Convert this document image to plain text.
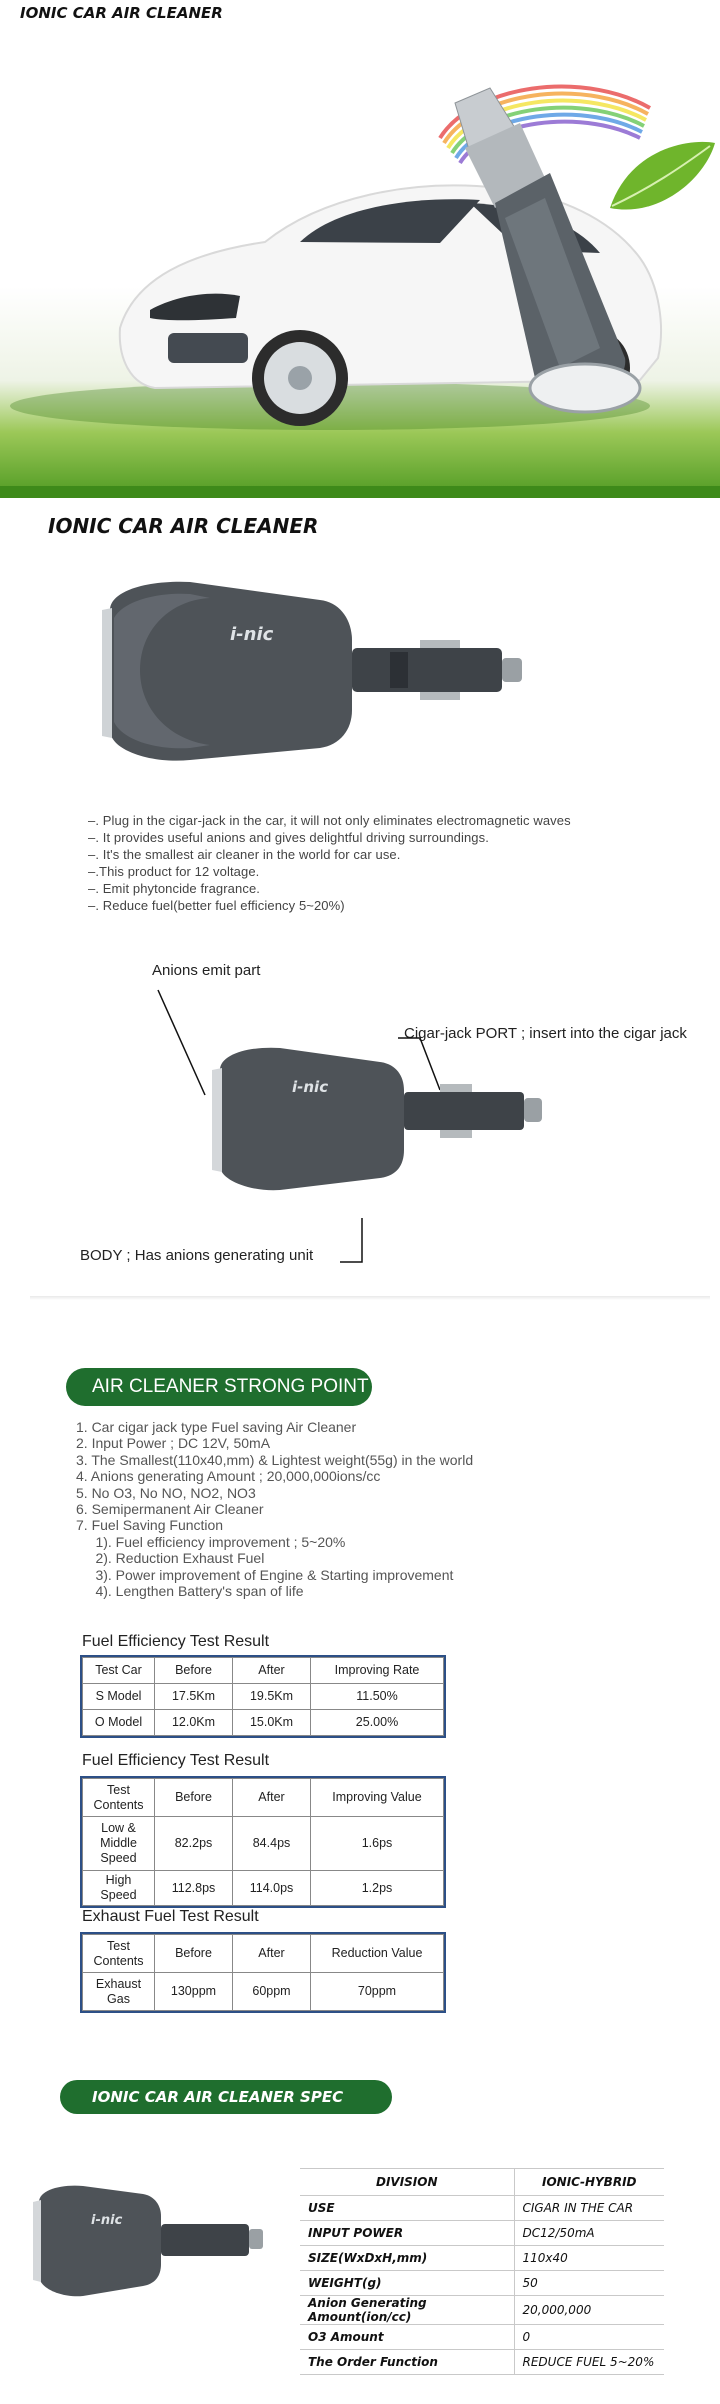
IONIC CAR AIR CLEANER
IONIC CAR AIR CLEANER
i-nic
–. Plug in the cigar-jack in the car, it will not only eliminates electromagnetic waves
–. It provides useful anions and gives delightful driving surroundings.
–. It's the smallest air cleaner in the world for car use.
–.This product for 12 voltage.
–. Emit phytoncide fragrance.
–. Reduce fuel(better fuel efficiency 5~20%)
Anions emit part
Cigar-jack PORT ; insert into the cigar jack
BODY ; Has anions generating unit
i-nic
AIR CLEANER STRONG POINT
1. Car cigar jack type Fuel saving Air Cleaner
2. Input Power ; DC 12V, 50mA
3. The Smallest(110x40,mm) & Lightest weight(55g) in the world
4. Anions generating Amount ; 20,000,000ions/cc
5. No O3, No NO, NO2, NO3
6. Semipermanent Air Cleaner
7. Fuel Saving Function
1). Fuel efficiency improvement ; 5~20%
2). Reduction Exhaust Fuel
3). Power improvement of Engine & Starting improvement
4). Lengthen Battery's span of life
Fuel Efficiency Test Result
Test Car	Before	After	Improving Rate
S Model	17.5Km	19.5Km	11.50%
O Model	12.0Km	15.0Km	25.00%
Fuel Efficiency Test Result
Test Contents	Before	After	Improving Value
Low & Middle Speed	82.2ps	84.4ps	1.6ps
High Speed	112.8ps	114.0ps	1.2ps
Exhaust Fuel Test Result
Test Contents	Before	After	Reduction Value
Exhaust Gas	130ppm	60ppm	70ppm
IONIC CAR AIR CLEANER SPEC
i-nic
DIVISION	IONIC-HYBRID
USE	CIGAR IN THE CAR
INPUT POWER	DC12/50mA
SIZE(WxDxH,mm)	110x40
WEIGHT(g)	50
Anion Generating Amount(ion/cc)	20,000,000
O3 Amount	0
The Order Function	REDUCE FUEL 5~20%
